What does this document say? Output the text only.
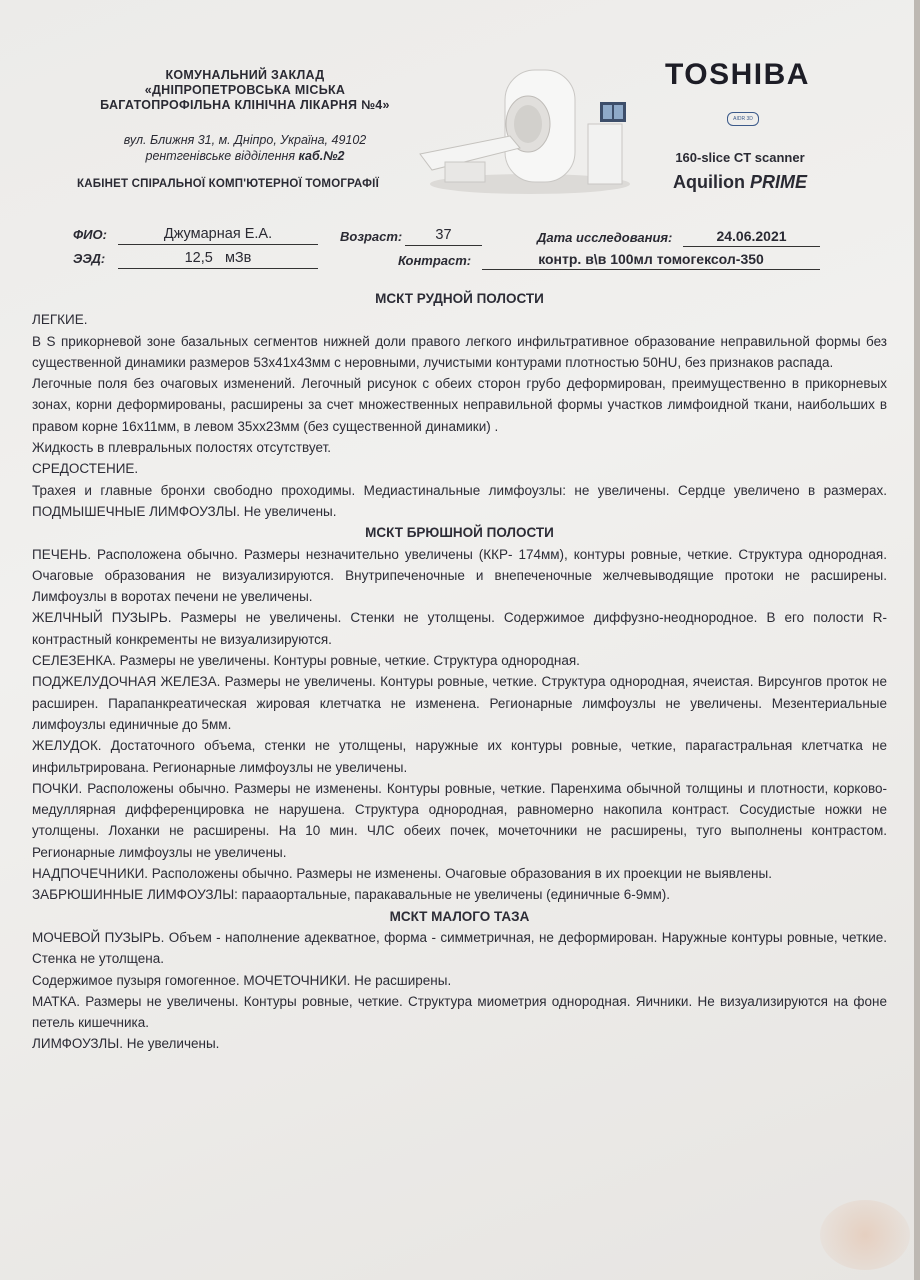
КОМУНАЛЬНИЙ ЗАКЛАД
«ДНІПРОПЕТРОВСЬКА МІСЬКА
БАГАТОПРОФІЛЬНА КЛІНІЧНА ЛІКАРНЯ №4»
вул. Ближня 31, м. Дніпро, Україна, 49102
рентгенівське відділення каб.№2
КАБІНЕТ СПІРАЛЬНОЇ КОМП'ЮТЕРНОЇ ТОМОГРАФІЇ
TOSHIBA
AIDR 3D
160-slice CT scanner
Aquilion PRIME
ФИО:	Джумарная Е.А.	Возраст:	37	Дата исследования:	24.06.2021
ЭЭД:	12,5 мЗв	Контраст:	контр. в\в 100мл томогексол-350

МСКТ РУДНОЙ ПОЛОСТИ

ЛЕГКИЕ.

В S прикорневой зоне базальных сегментов нижней доли правого легкого инфильтративное образование неправильной формы без существенной динамики размеров 53х41х43мм с неровными, лучистыми контурами плотностью 50HU, без признаков распада.

Легочные поля без очаговых изменений. Легочный рисунок с обеих сторон грубо деформирован, преимущественно в прикорневых зонах, корни деформированы, расширены за счет множественных неправильной формы участков лимфоидной ткани, наибольших в правом корне 16х11мм, в левом 35хх23мм (без существенной динамики) .

Жидкость в плевральных полостях отсутствует.

СРЕДОСТЕНИЕ.

Трахея и главные бронхи свободно проходимы. Медиастинальные лимфоузлы: не увеличены. Сердце увеличено в размерах. ПОДМЫШЕЧНЫЕ ЛИМФОУЗЛЫ. Не увеличены.

МСКТ БРЮШНОЙ ПОЛОСТИ

ПЕЧЕНЬ. Расположена обычно. Размеры незначительно увеличены (ККР- 174мм), контуры ровные, четкие. Структура однородная. Очаговые образования не визуализируются. Внутрипеченочные и внепеченочные желчевыводящие протоки не расширены. Лимфоузлы в воротах печени не увеличены.

ЖЕЛЧНЫЙ ПУЗЫРЬ. Размеры не увеличены. Стенки не утолщены. Содержимое диффузно-неоднородное. В его полости R-контрастный конкременты не визуализируются.

СЕЛЕЗЕНКА. Размеры не увеличены. Контуры ровные, четкие. Структура однородная.

ПОДЖЕЛУДОЧНАЯ ЖЕЛЕЗА. Размеры не увеличены. Контуры ровные, четкие. Структура однородная, ячеистая. Вирсунгов проток не расширен. Парапанкреатическая жировая клетчатка не изменена. Регионарные лимфоузлы не увеличены. Мезентериальные лимфоузлы единичные до 5мм.

ЖЕЛУДОК. Достаточного объема, стенки не утолщены, наружные их контуры ровные, четкие, парагастральная клетчатка не инфильтрирована. Регионарные лимфоузлы не увеличены.

ПОЧКИ. Расположены обычно. Размеры не изменены. Контуры ровные, четкие. Паренхима обычной толщины и плотности, корково-медуллярная дифференцировка не нарушена. Структура однородная, равномерно накопила контраст. Сосудистые ножки не утолщены. Лоханки не расширены. На 10 мин. ЧЛС обеих почек, мочеточники не расширены, туго выполнены контрастом. Регионарные лимфоузлы не увеличены.

НАДПОЧЕЧНИКИ. Расположены обычно. Размеры не изменены. Очаговые образования в их проекции не выявлены.

ЗАБРЮШИННЫЕ ЛИМФОУЗЛЫ: парааортальные, паракавальные не увеличены (единичные 6-9мм).

МСКТ МАЛОГО ТАЗА

МОЧЕВОЙ ПУЗЫРЬ. Объем - наполнение адекватное, форма - симметричная, не деформирован. Наружные контуры ровные, четкие. Стенка не утолщена.

Содержимое пузыря гомогенное. МОЧЕТОЧНИКИ. Не расширены.

МАТКА. Размеры не увеличены. Контуры ровные, четкие. Структура миометрия однородная. Яичники. Не визуализируются на фоне петель кишечника.

ЛИМФОУЗЛЫ. Не увеличены.
